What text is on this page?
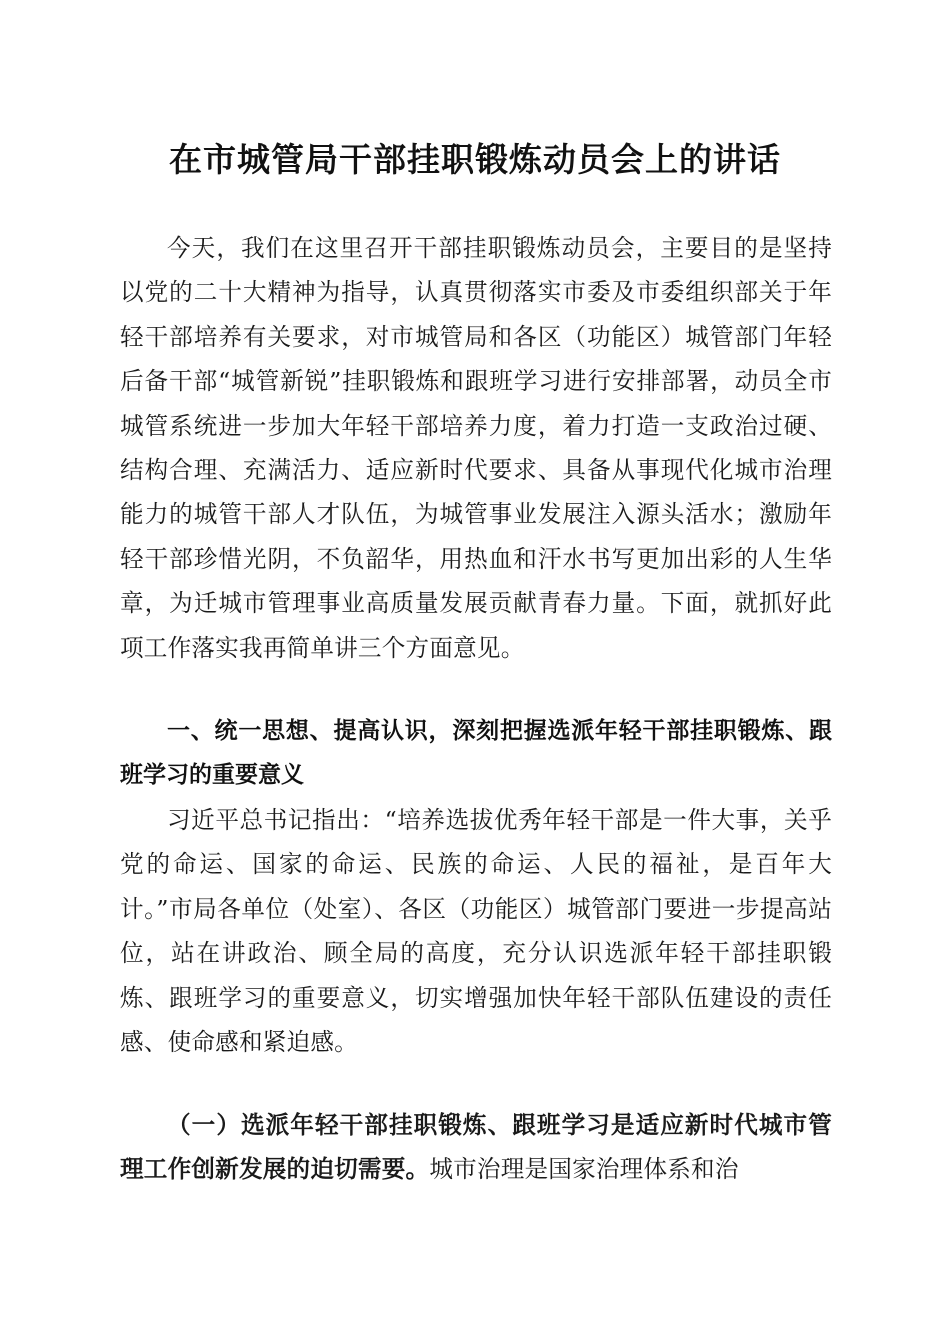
在市城管局干部挂职锻炼动员会上的讲话

今天，我们在这里召开干部挂职锻炼动员会，主要目的是坚持以党的二十大精神为指导，认真贯彻落实市委及市委组织部关于年轻干部培养有关要求，对市城管局和各区（功能区）城管部门年轻后备干部“城管新锐”挂职锻炼和跟班学习进行安排部署，动员全市城管系统进一步加大年轻干部培养力度，着力打造一支政治过硬、结构合理、充满活力、适应新时代要求、具备从事现代化城市治理能力的城管干部人才队伍，为城管事业发展注入源头活水；激励年轻干部珍惜光阴，不负韶华，用热血和汗水书写更加出彩的人生华章，为迁城市管理事业高质量发展贡献青春力量。下面，就抓好此项工作落实我再简单讲三个方面意见。

一、统一思想、提高认识，深刻把握选派年轻干部挂职锻炼、跟班学习的重要意义

习近平总书记指出：“培养选拔优秀年轻干部是一件大事，关乎党的命运、国家的命运、民族的命运、人民的福祉，是百年大计。”市局各单位（处室）、各区（功能区）城管部门要进一步提高站位，站在讲政治、顾全局的高度，充分认识选派年轻干部挂职锻炼、跟班学习的重要意义，切实增强加快年轻干部队伍建设的责任感、使命感和紧迫感。

（一）选派年轻干部挂职锻炼、跟班学习是适应新时代城市管理工作创新发展的迫切需要。城市治理是国家治理体系和治
